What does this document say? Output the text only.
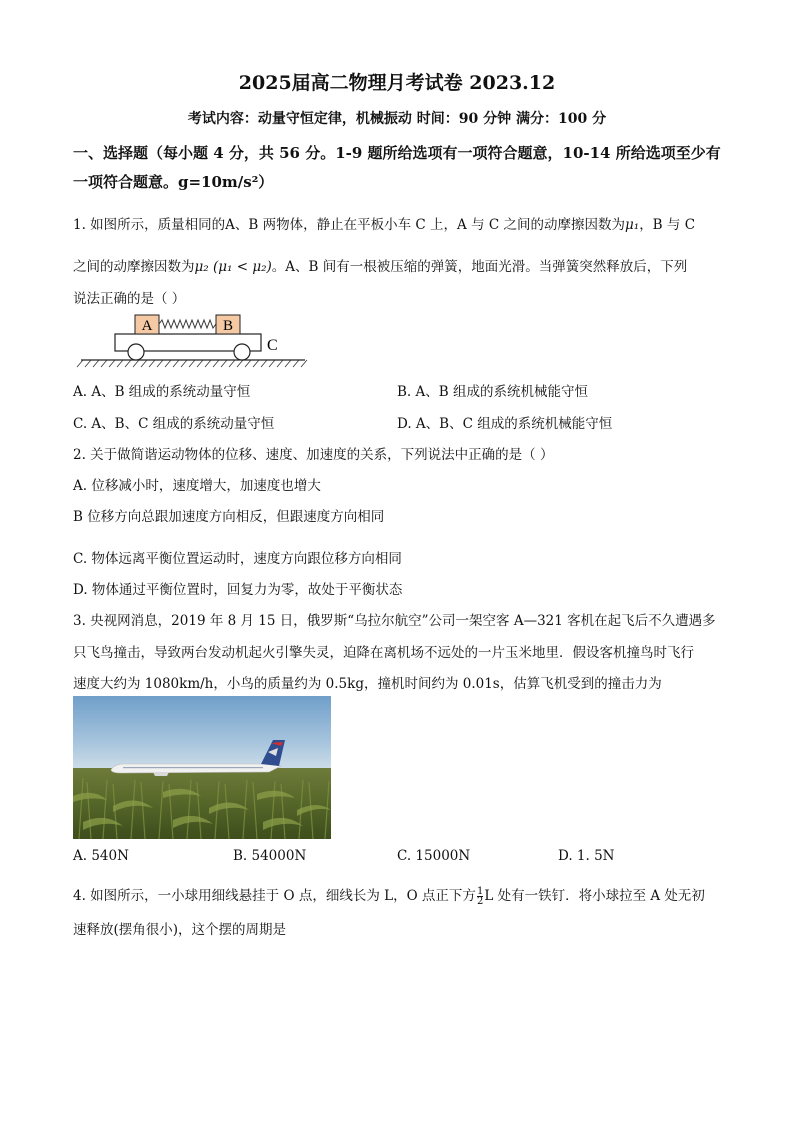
2025届高二物理月考试卷 2023.12
考试内容：动量守恒定律，机械振动 时间：90 分钟 满分：100 分
一、选择题（每小题 4 分，共 56 分。1-9 题所给选项有一项符合题意，10-14 所给选项至少有
一项符合题意。g=10m/s²）
1. 如图所示，质量相同的A、B 两物体，静止在平板小车 C 上，A 与 C 之间的动摩擦因数为μ₁，B 与 C
之间的动摩擦因数为μ₂ (μ₁ < μ₂)。A、B 间有一根被压缩的弹簧，地面光滑。当弹簧突然释放后，下列
说法正确的是（ ）
A	B
C
A. A、B 组成的系统动量守恒	B. A、B 组成的系统机械能守恒
C. A、B、C 组成的系统动量守恒	D. A、B、C 组成的系统机械能守恒
2. 关于做简谐运动物体的位移、速度、加速度的关系，下列说法中正确的是（ ）
A. 位移减小时，速度增大，加速度也增大
B 位移方向总跟加速度方向相反，但跟速度方向相同
C. 物体远离平衡位置运动时，速度方向跟位移方向相同
D. 物体通过平衡位置时，回复力为零，故处于平衡状态
3. 央视网消息，2019 年 8 月 15 日，俄罗斯“乌拉尔航空”公司一架空客 A—321 客机在起飞后不久遭遇多
只飞鸟撞击，导致两台发动机起火引擎失灵，迫降在离机场不远处的一片玉米地里．假设客机撞鸟时飞行
速度大约为 1080km/h，小鸟的质量约为 0.5kg，撞机时间约为 0.01s，估算飞机受到的撞击力为
A. 540N	B. 54000N	C. 15000N	D. 1. 5N
4. 如图所示，一小球用细线悬挂于 O 点，细线长为 L，O 点正下方 $\frac{1}{2}$ L 处有一铁钉．将小球拉至 A 处无初
速释放(摆角很小)，这个摆的周期是
